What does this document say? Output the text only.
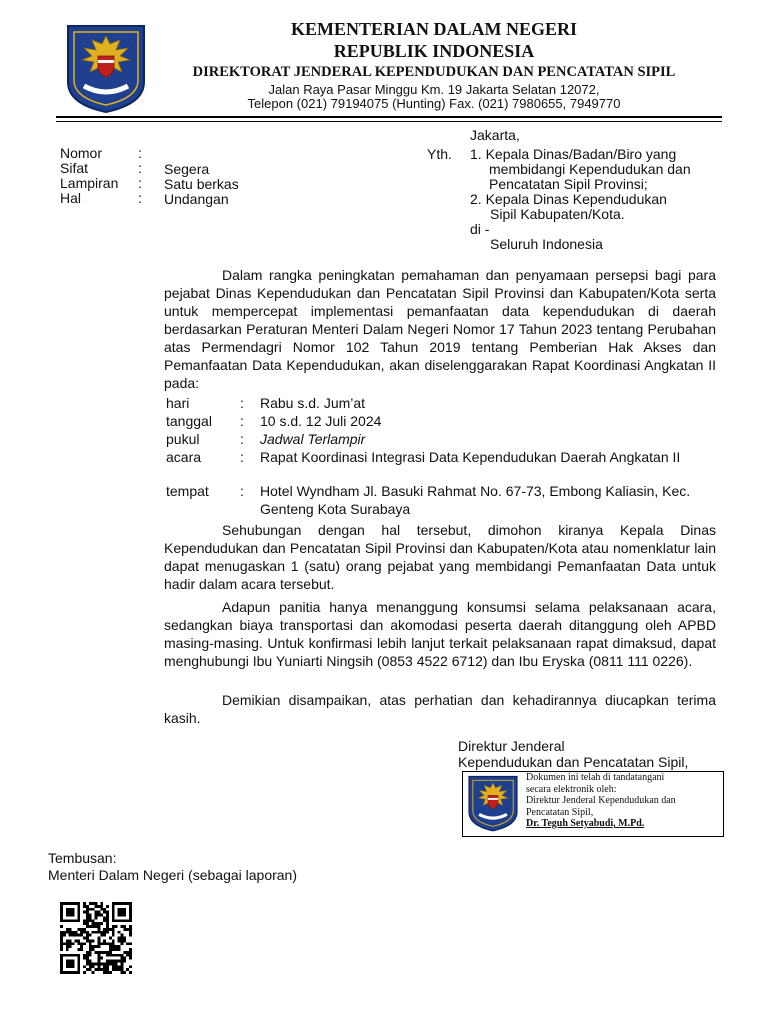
KEMENTERIAN DALAM NEGERI
REPUBLIK INDONESIA
DIREKTORAT JENDERAL KEPENDUDUKAN DAN PENCATATAN SIPIL
Jalan Raya Pasar Minggu Km. 19 Jakarta Selatan 12072,
Telepon (021) 79194075 (Hunting) Fax. (021) 7980655, 7949770
Jakarta,
Nomor	:
Sifat	: Segera
Lampiran : Satu berkas
Hal	: Undangan
Yth. 1. Kepala Dinas/Badan/Biro yang
membidangi Kependudukan dan
Pencatatan Sipil Provinsi;
2. Kepala Dinas Kependudukan
Sipil Kabupaten/Kota.
di -
Seluruh Indonesia

Dalam rangka peningkatan pemahaman dan penyamaan persepsi bagi para pejabat Dinas Kependudukan dan Pencatatan Sipil Provinsi dan Kabupaten/Kota serta untuk mempercepat implementasi pemanfaatan data kependudukan di daerah berdasarkan Peraturan Menteri Dalam Negeri Nomor 17 Tahun 2023 tentang Perubahan atas Permendagri Nomor 102 Tahun 2019 tentang Pemberian Hak Akses dan Pemanfaatan Data Kependudukan, akan diselenggarakan Rapat Koordinasi Angkatan II pada:

hari	: Rabu s.d. Jum’at
tanggal : 10 s.d. 12 Juli 2024
pukul	: Jadwal Terlampir
acara	: Rapat Koordinasi Integrasi Data Kependudukan Daerah Angkatan II
tempat : Hotel Wyndham Jl. Basuki Rahmat No. 67-73, Embong Kaliasin, Kec. Genteng Kota Surabaya

Sehubungan dengan hal tersebut, dimohon kiranya Kepala Dinas Kependudukan dan Pencatatan Sipil Provinsi dan Kabupaten/Kota atau nomenklatur lain dapat menugaskan 1 (satu) orang pejabat yang membidangi Pemanfaatan Data untuk hadir dalam acara tersebut.

Adapun panitia hanya menanggung konsumsi selama pelaksanaan acara, sedangkan biaya transportasi dan akomodasi peserta daerah ditanggung oleh APBD masing-masing. Untuk konfirmasi lebih lanjut terkait pelaksanaan rapat dimaksud, dapat menghubungi Ibu Yuniarti Ningsih (0853 4522 6712) dan Ibu Eryska (0811 111 0226).

Demikian disampaikan, atas perhatian dan kehadirannya diucapkan terima kasih.

Direktur Jenderal
Kependudukan dan Pencatatan Sipil,
Dokumen ini telah di tandatangani
secara elektronik oleh:
Direktur Jenderal Kependudukan dan
Pencatatan Sipil,
Dr. Teguh Setyabudi, M.Pd.
Tembusan:
Menteri Dalam Negeri (sebagai laporan)
